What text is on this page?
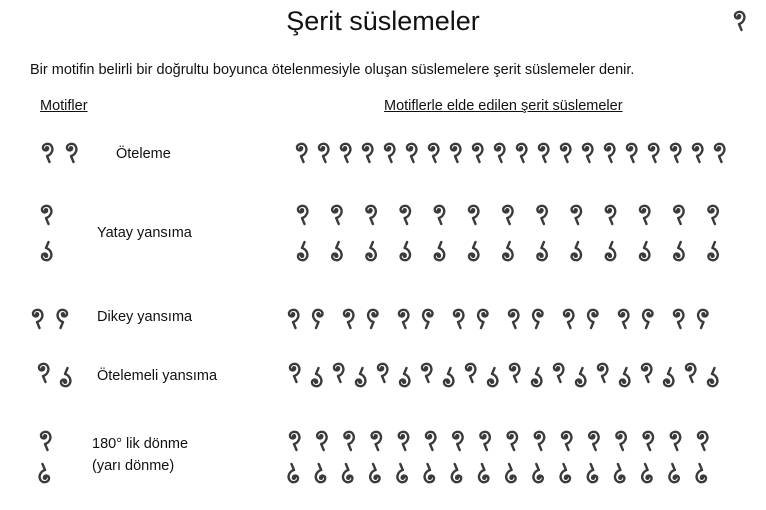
Şerit süslemeler
Bir motifin belirli bir doğrultu boyunca ötelenmesiyle oluşan süslemelere şerit süslemeler denir.
Motifler	Motiflerle elde edilen şerit süslemeler
Öteleme
Yatay yansıma
Dikey yansıma
Ötelemeli yansıma
180° lik dönme
(yarı dönme)
